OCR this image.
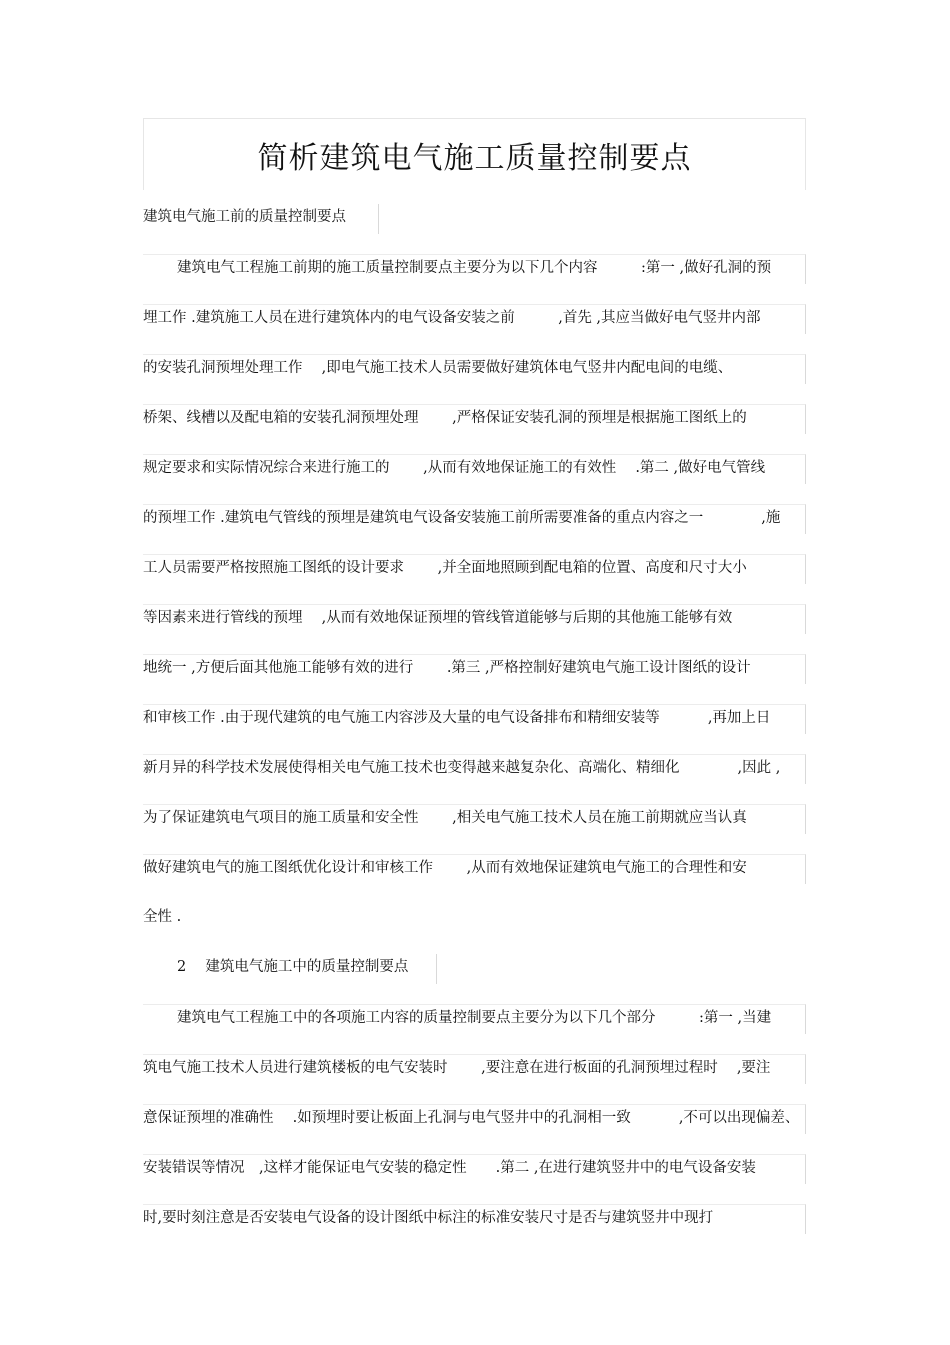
简析建筑电气施工质量控制要点
建筑电气施工前的质量控制要点
建筑电气工程施工前期的施工质量控制要点主要分为以下几个内容　　　:第一 ,做好孔洞的预
埋工作 .建筑施工人员在进行建筑体内的电气设备安装之前　　　,首先 ,其应当做好电气竖井内部
的安装孔洞预埋处理工作　 ,即电气施工技术人员需要做好建筑体电气竖井内配电间的电缆、
桥架、线槽以及配电箱的安装孔洞预埋处理　　 ,严格保证安装孔洞的预埋是根据施工图纸上的
规定要求和实际情况综合来进行施工的　　 ,从而有效地保证施工的有效性　 .第二 ,做好电气管线
的预埋工作 .建筑电气管线的预埋是建筑电气设备安装施工前所需要准备的重点内容之一　　　　,施
工人员需要严格按照施工图纸的设计要求　　 ,并全面地照顾到配电箱的位置、高度和尺寸大小
等因素来进行管线的预埋　 ,从而有效地保证预埋的管线管道能够与后期的其他施工能够有效
地统一 ,方便后面其他施工能够有效的进行　　 .第三 ,严格控制好建筑电气施工设计图纸的设计
和审核工作 .由于现代建筑的电气施工内容涉及大量的电气设备排布和精细安装等　　　 ,再加上日
新月异的科学技术发展使得相关电气施工技术也变得越来越复杂化、高端化、精细化　　　　,因此 ,
为了保证建筑电气项目的施工质量和安全性　　 ,相关电气施工技术人员在施工前期就应当认真
做好建筑电气的施工图纸优化设计和审核工作　　 ,从而有效地保证建筑电气施工的合理性和安
全性 .
2　 建筑电气施工中的质量控制要点
建筑电气工程施工中的各项施工内容的质量控制要点主要分为以下几个部分　　　:第一 ,当建
筑电气施工技术人员进行建筑楼板的电气安装时　　 ,要注意在进行板面的孔洞预埋过程时　 ,要注
意保证预埋的准确性　 .如预埋时要让板面上孔洞与电气竖井中的孔洞相一致　　　 ,不可以出现偏差、
安装错误等情况　,这样才能保证电气安装的稳定性　　.第二 ,在进行建筑竖井中的电气设备安装
时,要时刻注意是否安装电气设备的设计图纸中标注的标准安装尺寸是否与建筑竖井中现打
